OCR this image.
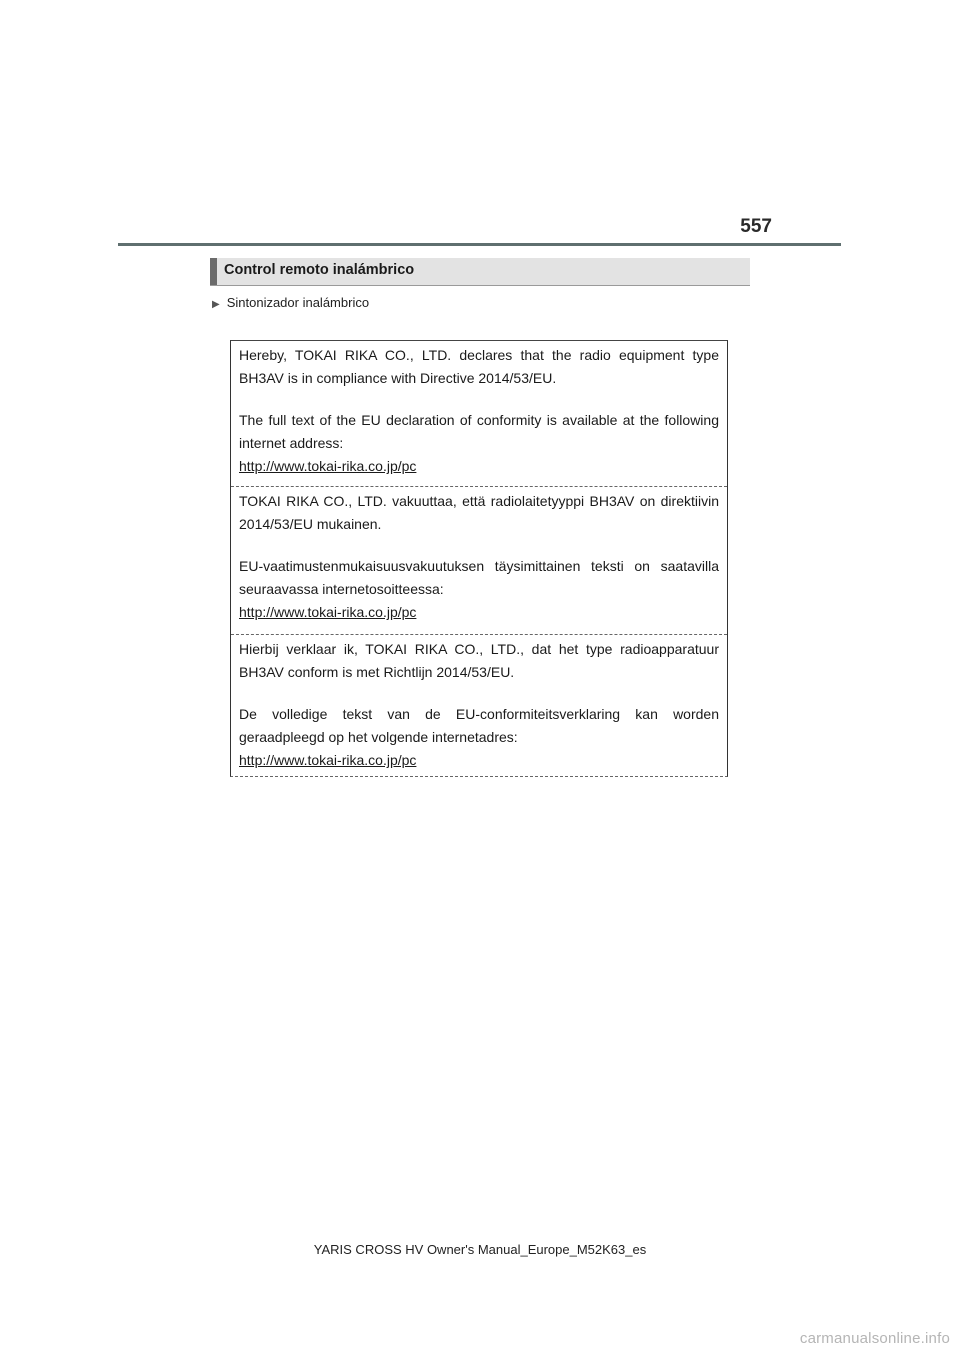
557
Control remoto inalámbrico
▶ Sintonizador inalámbrico

Hereby, TOKAI RIKA CO., LTD. declares that the radio equipment type BH3AV is in compliance with Directive 2014/53/EU.

The full text of the EU declaration of conformity is available at the following internet address:

http://www.tokai-rika.co.jp/pc

TOKAI RIKA CO., LTD. vakuuttaa, että radiolaitetyyppi BH3AV on direktiivin 2014/53/EU mukainen.

EU-vaatimustenmukaisuusvakuutuksen täysimittainen teksti on saatavilla seuraavassa internetosoitteessa:

http://www.tokai-rika.co.jp/pc

Hierbij verklaar ik, TOKAI RIKA CO., LTD., dat het type radioapparatuur BH3AV conform is met Richtlijn 2014/53/EU.

De volledige tekst van de EU-conformiteitsverklaring kan worden geraadpleegd op het volgende internetadres:

http://www.tokai-rika.co.jp/pc
YARIS CROSS HV Owner's Manual_Europe_M52K63_es
carmanualsonline.info
